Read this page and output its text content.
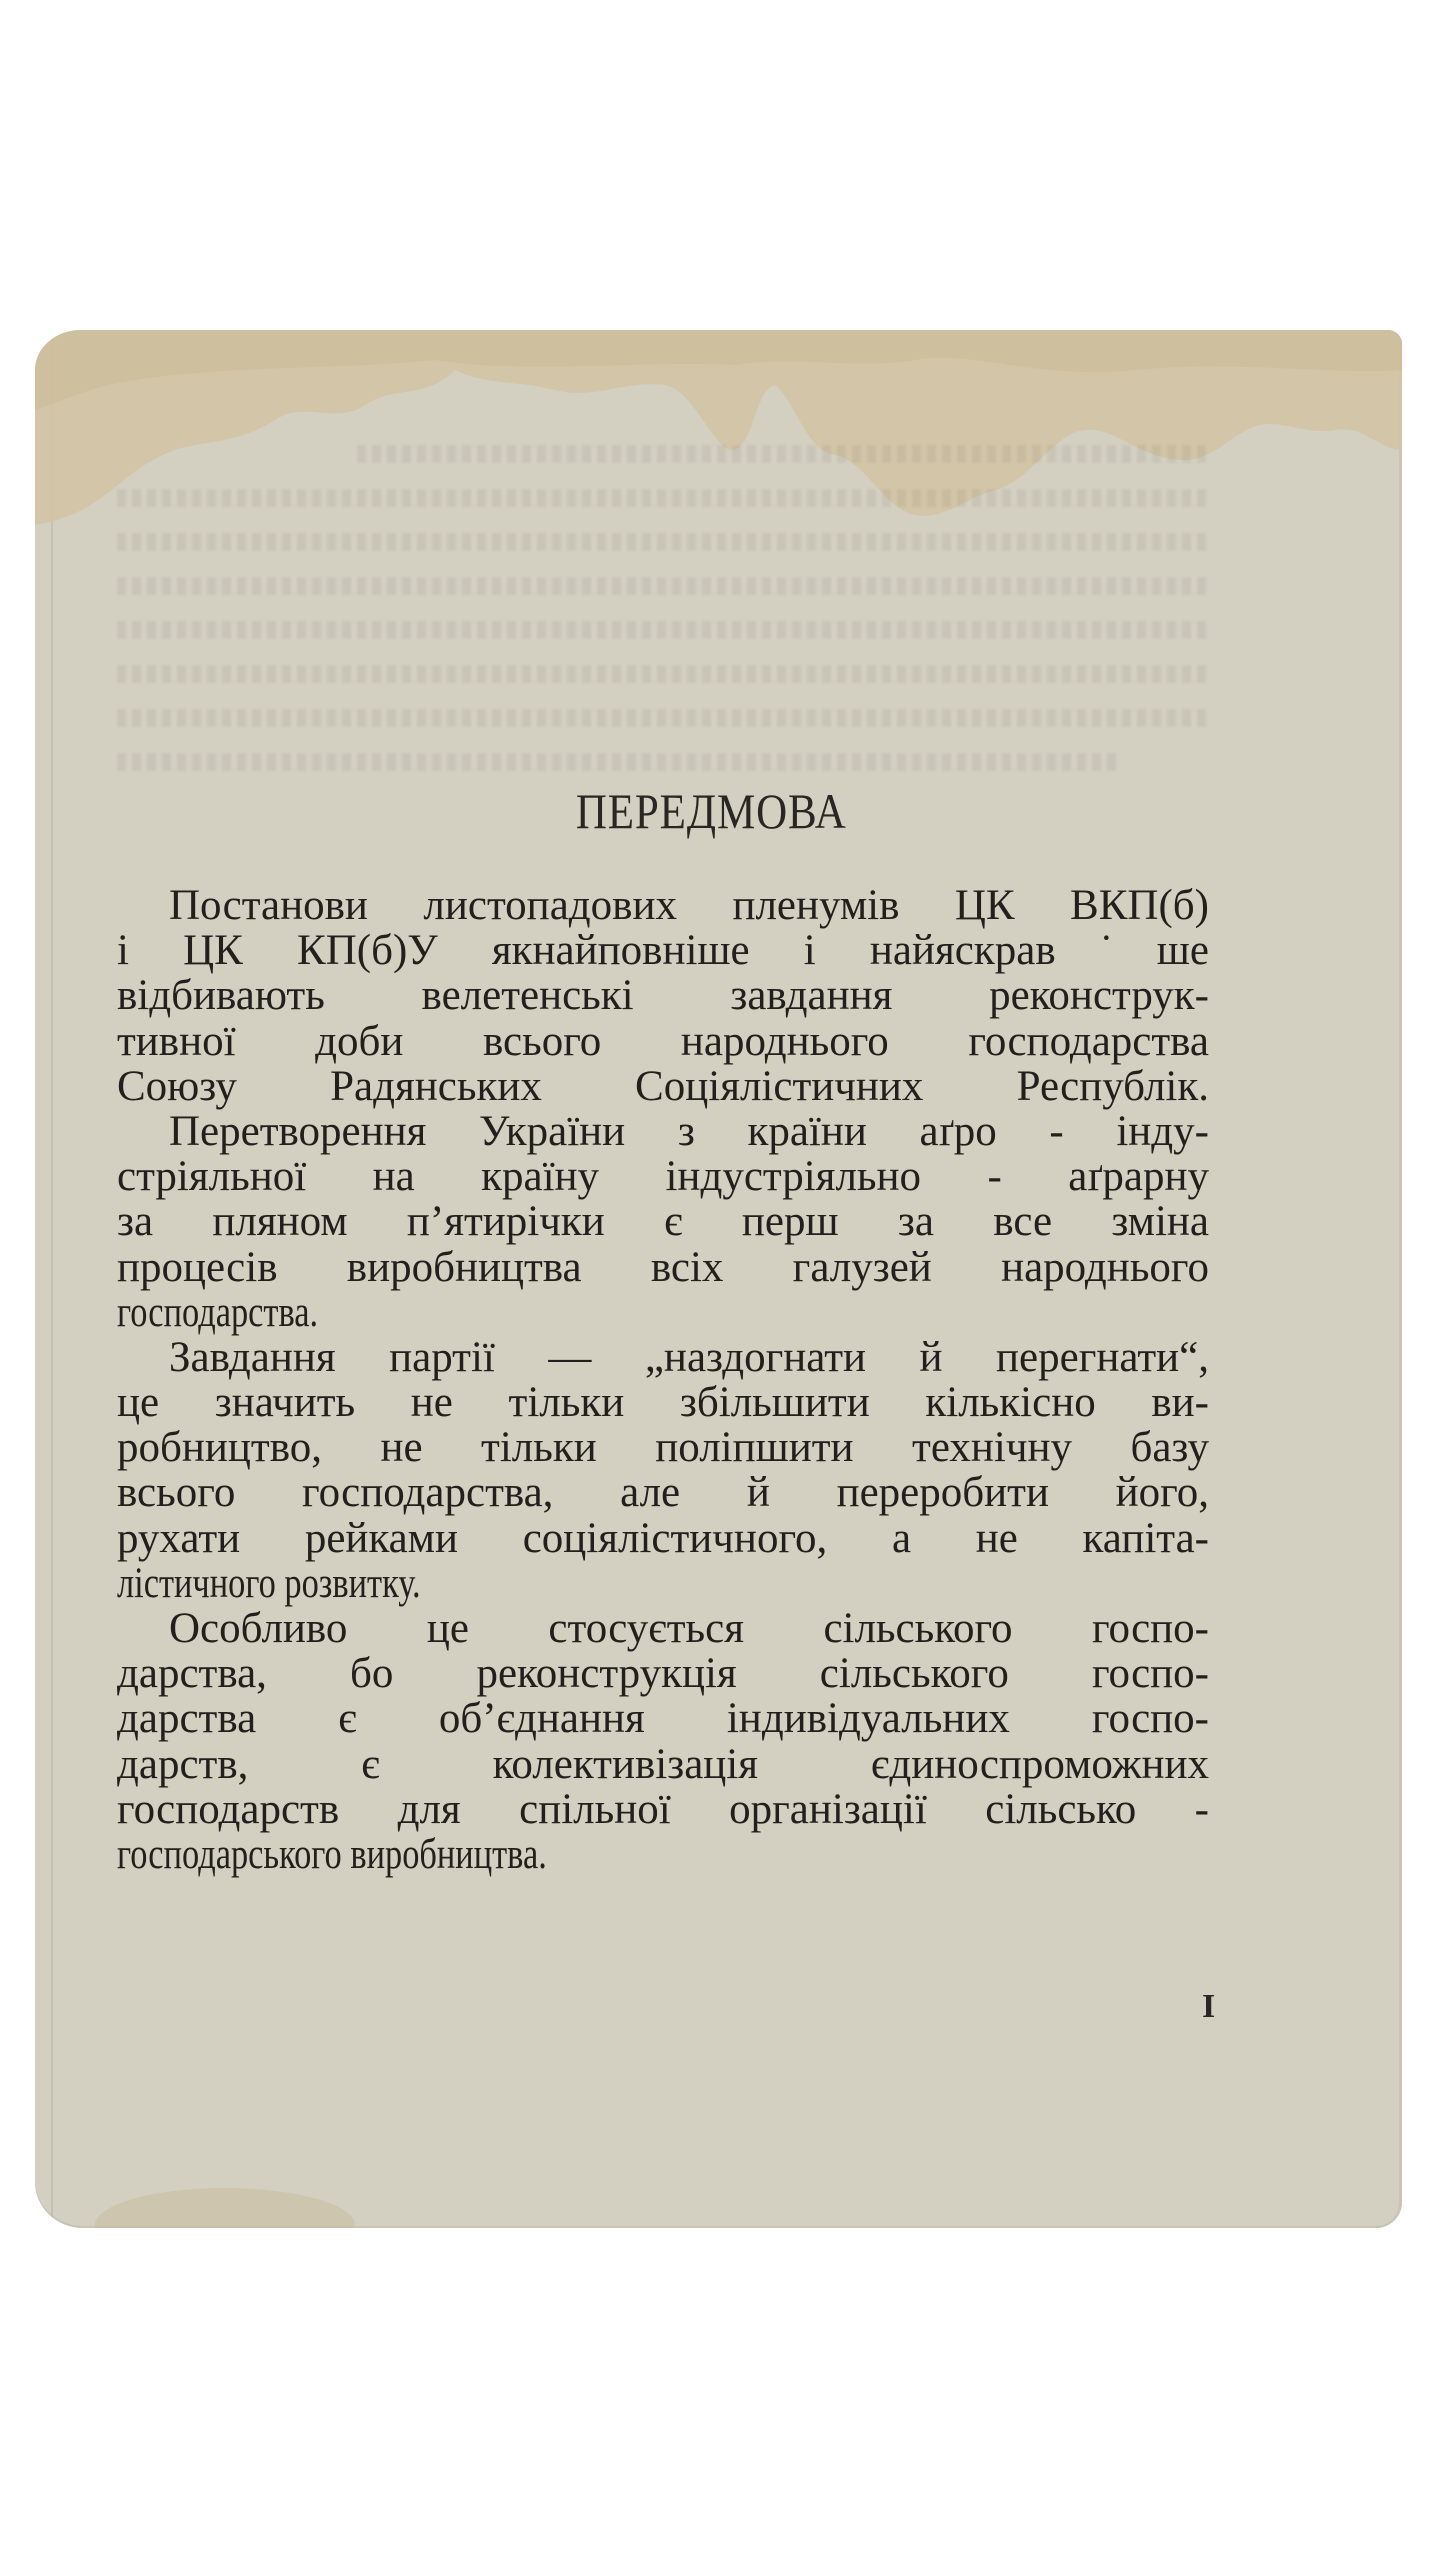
ПЕРЕДМОВА
Постанови листопадових пленумів ЦК ВКП(б)
і ЦК КП(б)У якнайповніше і найяскрав˙ше
відбивають велетенські завдання реконструк-
тивної доби всього народнього господарства
Союзу Радянських Соціялістичних Республік.
Перетворення України з країни аґро - інду-
стріяльної на країну індустріяльно - аґрарну
за пляном п’ятирічки є перш за все зміна
процесів виробництва всіх галузей народнього
господарства.
Завдання партії — „наздогнати й перегнати“,
це значить не тільки збільшити кількісно ви-
робництво, не тільки поліпшити технічну базу
всього господарства, але й переробити його,
рухати рейками соціялістичного, а не капіта-
лістичного розвитку.
Особливо це стосується сільського госпо-
дарства, бо реконструкція сільського госпо-
дарства є об’єднання індивідуальних госпо-
дарств, є колективізація єдиноспроможних
господарств для спільної організації сільсько -
господарського виробництва.
I
